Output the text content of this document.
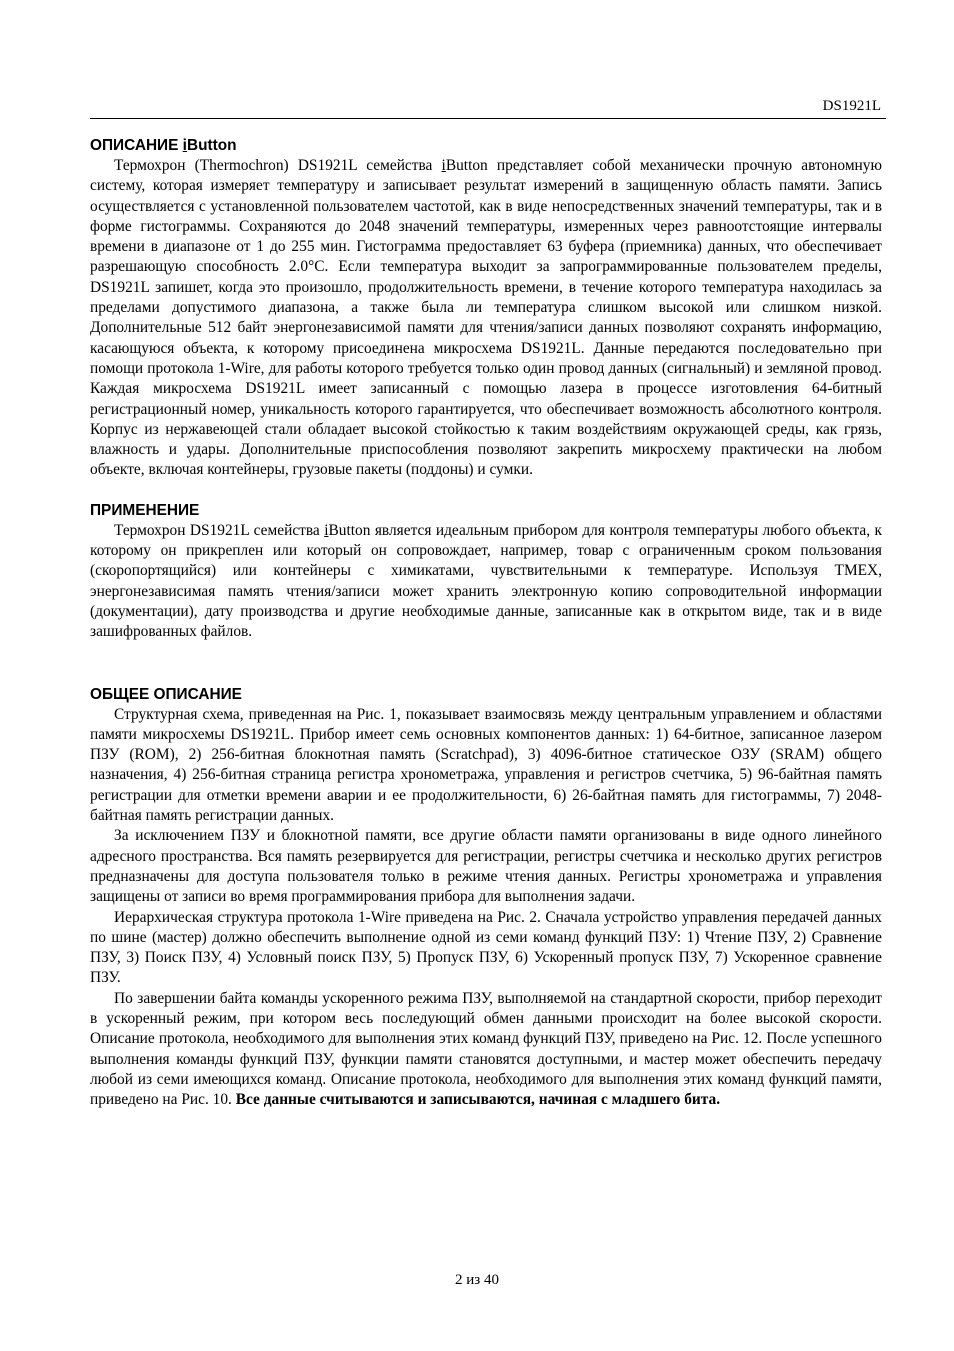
DS1921L
ОПИСАНИЕ iButton

Термохрон (Thermochron) DS1921L семейства iButton представляет собой механически прочную автономную систему, которая измеряет температуру и записывает результат измерений в защищенную область памяти. Запись осуществляется с установленной пользователем частотой, как в виде непосредственных значений температуры, так и в форме гистограммы. Сохраняются до 2048 значений температуры, измеренных через равноотстоящие интервалы времени в диапазоне от 1 до 255 мин. Гистограмма предоставляет 63 буфера (приемника) данных, что обеспечивает разрешающую способность 2.0°C. Если температура выходит за запрограммированные пользователем пределы, DS1921L запишет, когда это произошло, продолжительность времени, в течение которого температура находилась за пределами допустимого диапазона, а также была ли температура слишком высокой или слишком низкой. Дополнительные 512 байт энергонезависимой памяти для чтения/записи данных позволяют сохранять информацию, касающуюся объекта, к которому присоединена микросхема DS1921L. Данные передаются последовательно при помощи протокола 1-Wire, для работы которого требуется только один провод данных (сигнальный) и земляной провод. Каждая микросхема DS1921L имеет записанный с помощью лазера в процессе изготовления 64-битный регистрационный номер, уникальность которого гарантируется, что обеспечивает возможность абсолютного контроля. Корпус из нержавеющей стали обладает высокой стойкостью к таким воздействиям окружающей среды, как грязь, влажность и удары. Дополнительные приспособления позволяют закрепить микросхему практически на любом объекте, включая контейнеры, грузовые пакеты (поддоны) и сумки.

ПРИМЕНЕНИЕ

Термохрон DS1921L семейства iButton является идеальным прибором для контроля температуры любого объекта, к которому он прикреплен или который он сопровождает, например, товар с ограниченным сроком пользования (скоропортящийся) или контейнеры с химикатами, чувствительными к температуре. Используя TMEX, энергонезависимая память чтения/записи может хранить электронную копию сопроводительной информации (документации), дату производства и другие необходимые данные, записанные как в открытом виде, так и в виде зашифрованных файлов.

ОБЩЕЕ ОПИСАНИЕ

Структурная схема, приведенная на Рис. 1, показывает взаимосвязь между центральным управлением и областями памяти микросхемы DS1921L. Прибор имеет семь основных компонентов данных: 1) 64-битное, записанное лазером ПЗУ (ROM), 2) 256-битная блокнотная память (Scratchpad), 3) 4096-битное статическое ОЗУ (SRAM) общего назначения, 4) 256-битная страница регистра хронометража, управления и регистров счетчика, 5) 96-байтная память регистрации для отметки времени аварии и ее продолжительности, 6) 26-байтная память для гистограммы, 7) 2048-байтная память регистрации данных.

За исключением ПЗУ и блокнотной памяти, все другие области памяти организованы в виде одного линейного адресного пространства. Вся память резервируется для регистрации, регистры счетчика и несколько других регистров предназначены для доступа пользователя только в режиме чтения данных. Регистры хронометража и управления защищены от записи во время программирования прибора для выполнения задачи.

Иерархическая структура протокола 1-Wire приведена на Рис. 2. Сначала устройство управления передачей данных по шине (мастер) должно обеспечить выполнение одной из семи команд функций ПЗУ: 1) Чтение ПЗУ, 2) Сравнение ПЗУ, 3) Поиск ПЗУ, 4) Условный поиск ПЗУ, 5) Пропуск ПЗУ, 6) Ускоренный пропуск ПЗУ, 7) Ускоренное сравнение ПЗУ.

По завершении байта команды ускоренного режима ПЗУ, выполняемой на стандартной скорости, прибор переходит в ускоренный режим, при котором весь последующий обмен данными происходит на более высокой скорости. Описание протокола, необходимого для выполнения этих команд функций ПЗУ, приведено на Рис. 12. После успешного выполнения команды функций ПЗУ, функции памяти становятся доступными, и мастер может обеспечить передачу любой из семи имеющихся команд. Описание протокола, необходимого для выполнения этих команд функций памяти, приведено на Рис. 10. Все данные считываются и записываются, начиная с младшего бита.

2 из 40
